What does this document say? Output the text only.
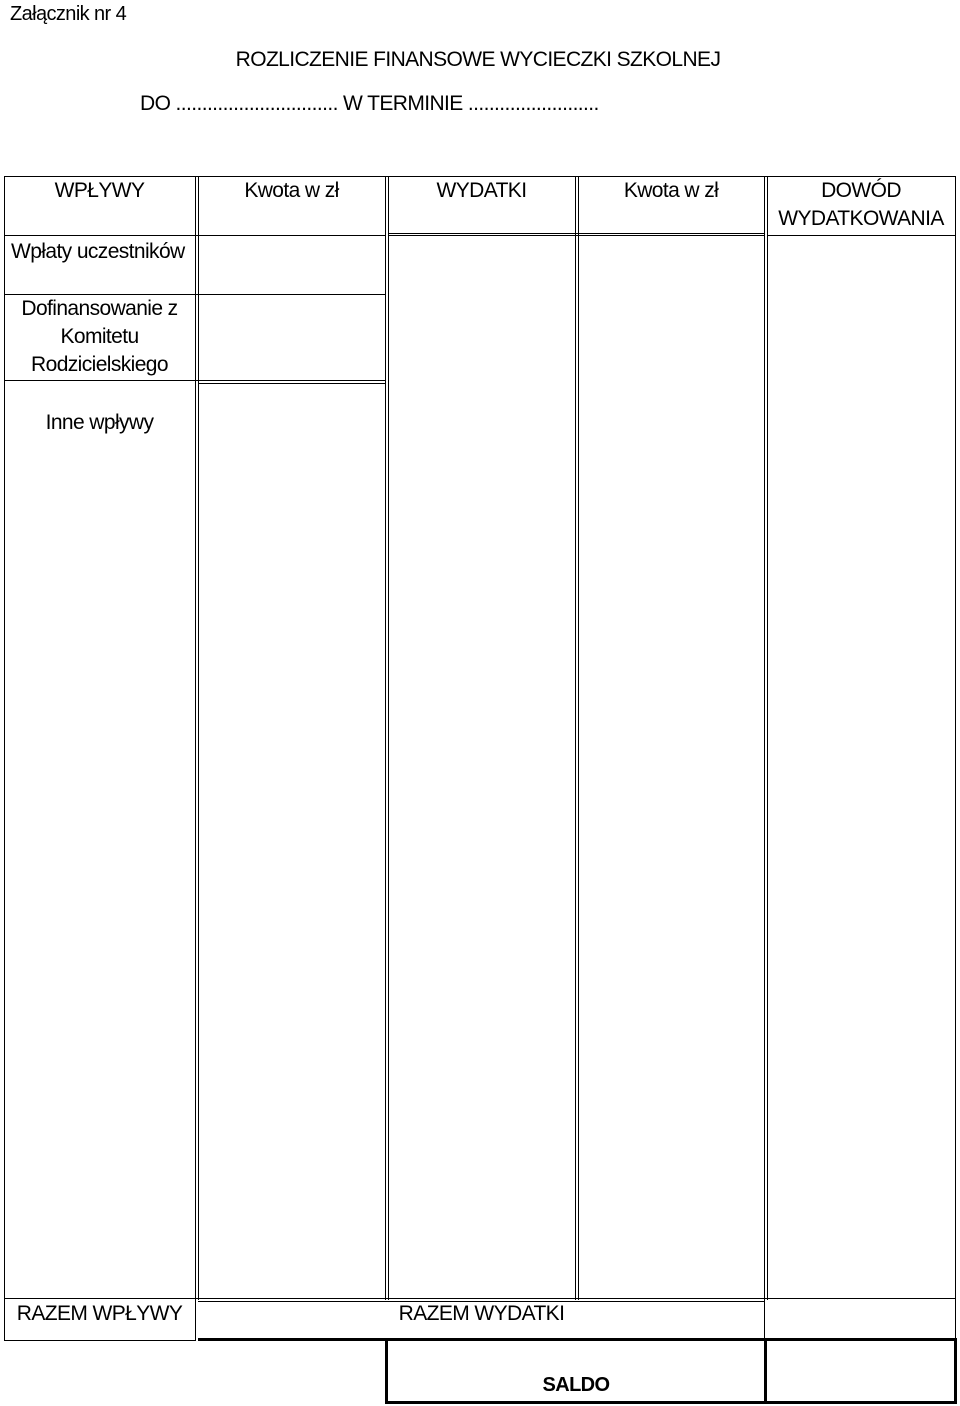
Załącznik nr 4
ROZLICZENIE FINANSOWE WYCIECZKI SZKOLNEJ
DO ............................... W TERMINIE .........................
WPŁYWY	Kwota w zł	WYDATKI	Kwota w zł	DOWÓD
WYDATKOWANIA
Wpłaty uczestników
Dofinansowanie z
Komitetu
Rodzicielskiego
Inne wpływy
RAZEM WPŁYWY	RAZEM WYDATKI
SALDO
